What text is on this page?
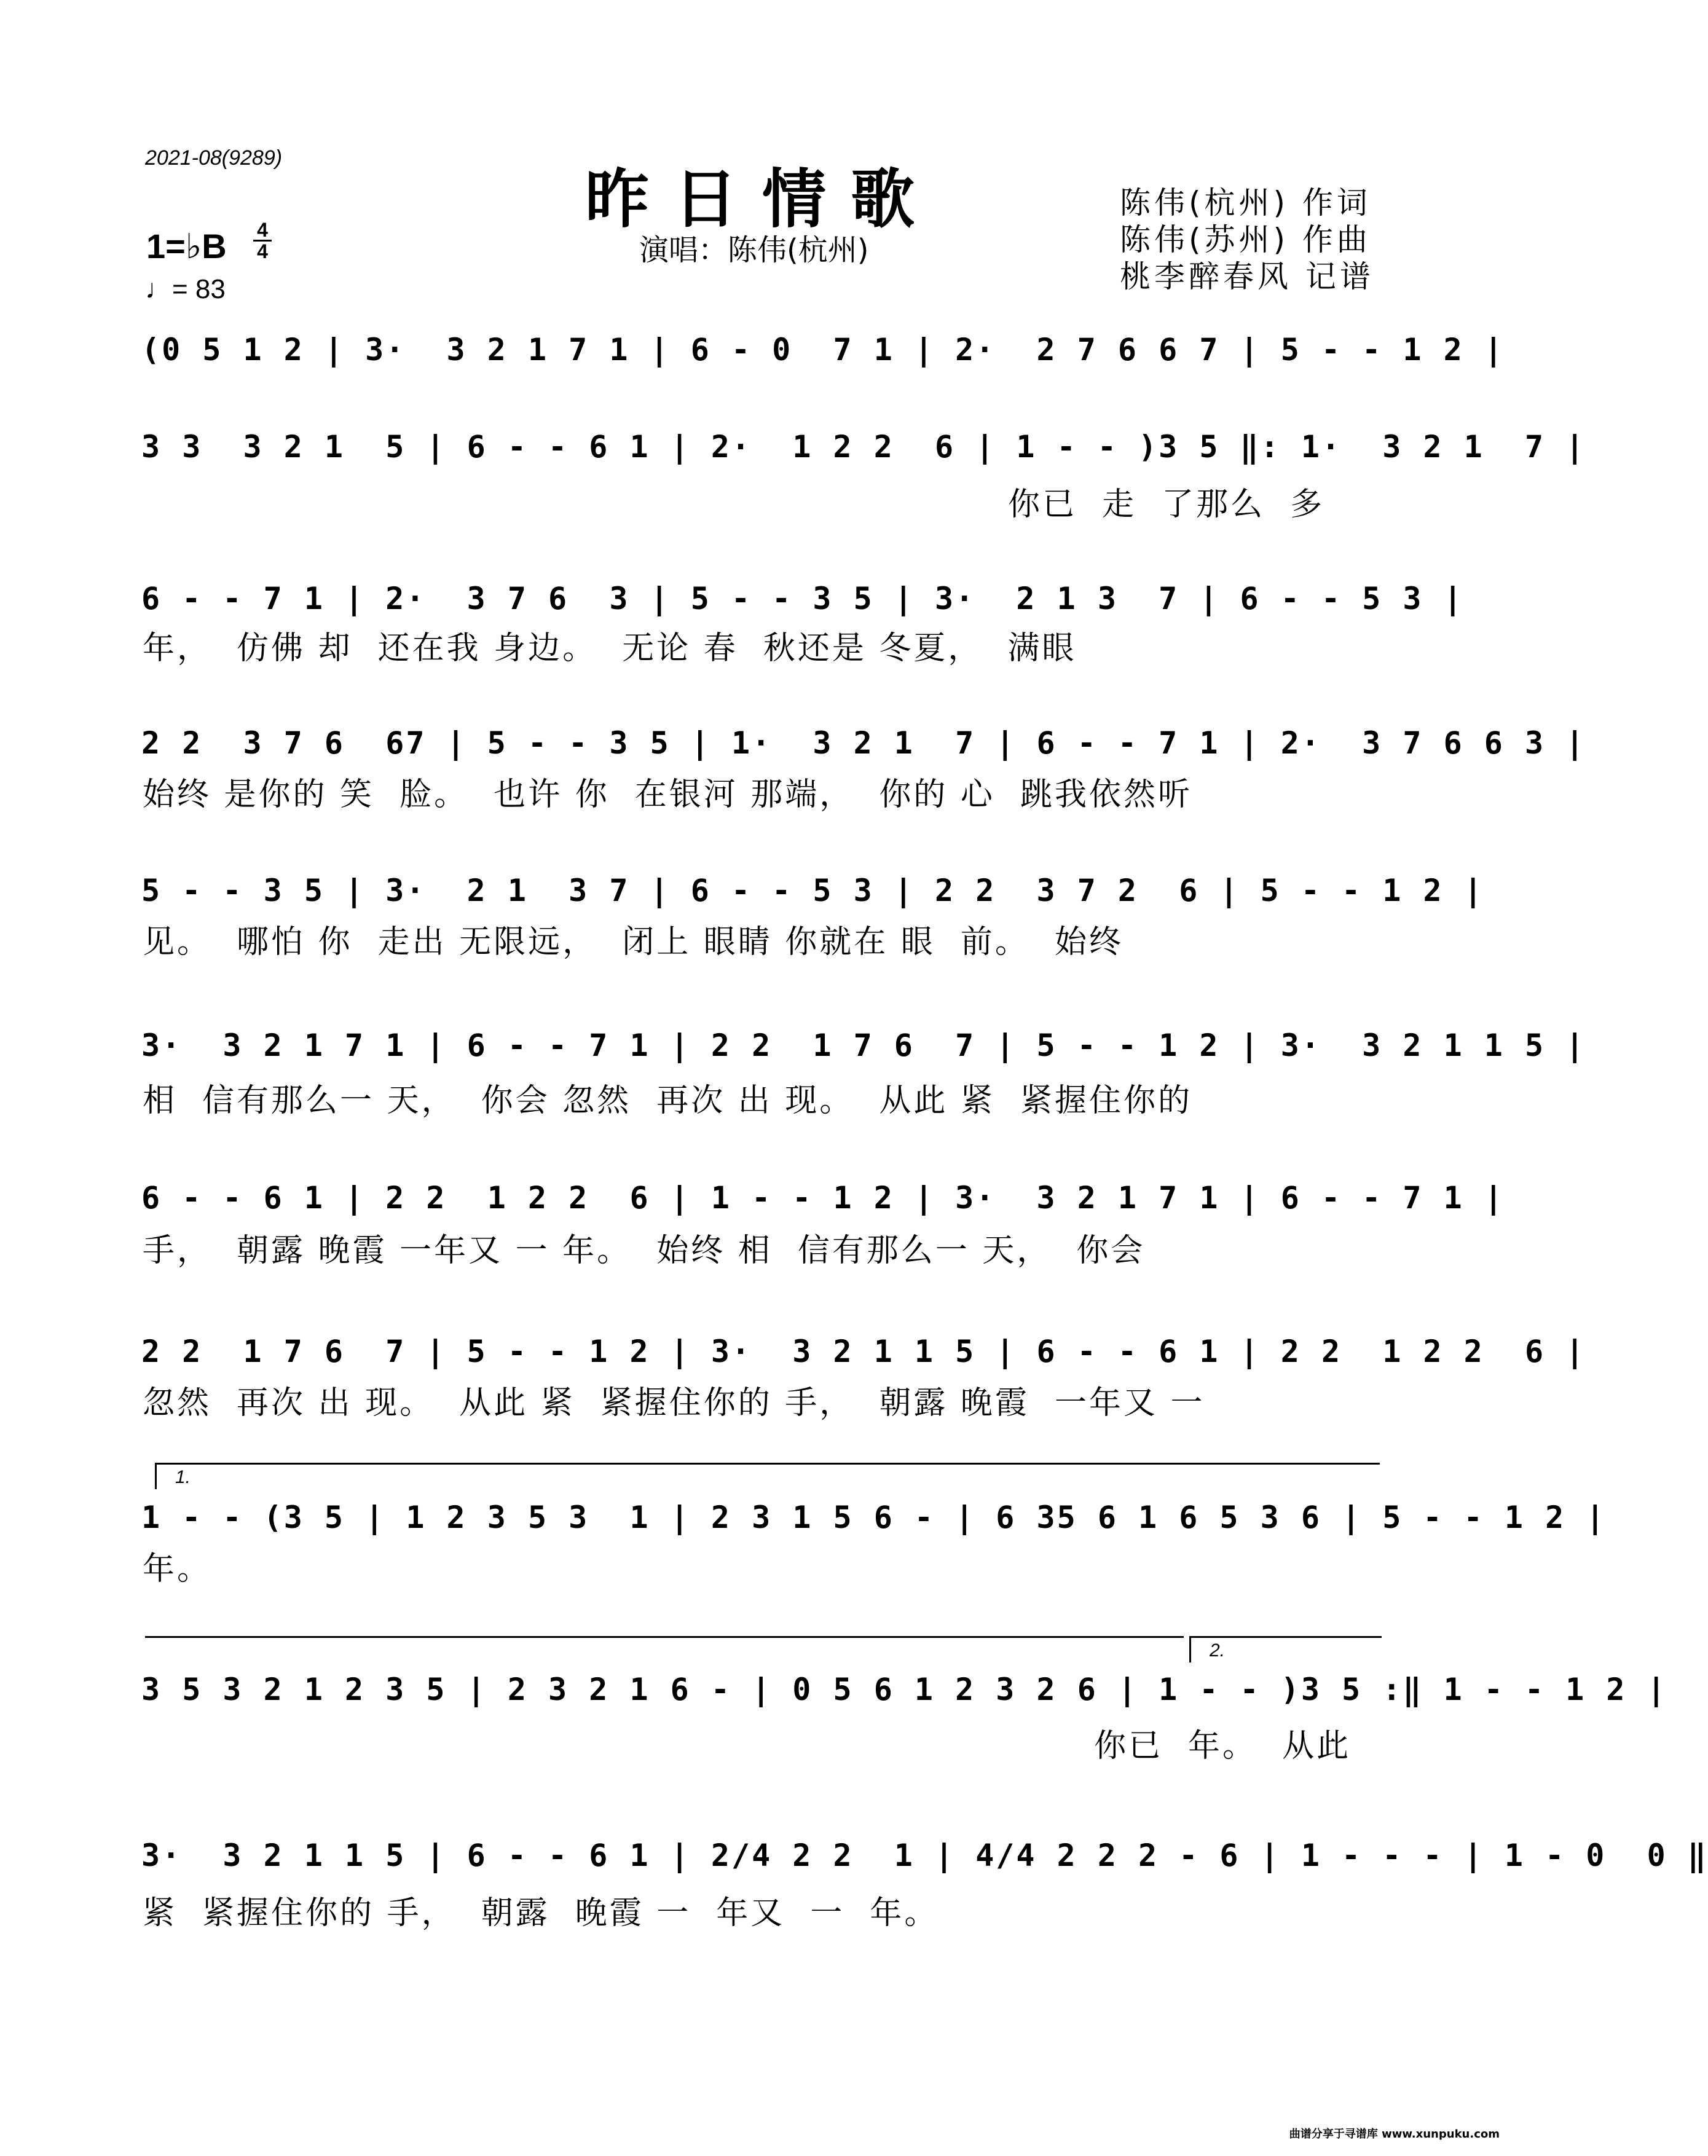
2021-08(9289)
昨日情歌
演唱：陈伟(杭州)
陈伟(杭州) 作词
陈伟(苏州) 作曲
桃李醉春风 记谱
1=♭B 4
4
♩= 83
(0 5 1 2 | 3·  3 2 1 7 1 | 6 - 0  7 1 | 2·  2 7 6 6 7 | 5 - - 1 2 |
3 3  3 2 1  5 | 6 - - 6 1 | 2·  1 2 2  6 | 1 - - )3 5 ‖: 1·  3 2 1  7 |
你已  走  了那么  多
6 - - 7 1 | 2·  3 7 6  3 | 5 - - 3 5 | 3·  2 1 3  7 | 6 - - 5 3 |
年，  仿佛 却  还在我 身边。  无论 春  秋还是 冬夏，  满眼
2 2  3 7 6  67 | 5 - - 3 5 | 1·  3 2 1  7 | 6 - - 7 1 | 2·  3 7 6 6 3 |
始终 是你的 笑  脸。  也许 你  在银河 那端，  你的 心  跳我依然听
5 - - 3 5 | 3·  2 1  3 7 | 6 - - 5 3 | 2 2  3 7 2  6 | 5 - - 1 2 |
见。  哪怕 你  走出 无限远，  闭上 眼睛 你就在 眼  前。  始终
3·  3 2 1 7 1 | 6 - - 7 1 | 2 2  1 7 6  7 | 5 - - 1 2 | 3·  3 2 1 1 5 |
相  信有那么一 天，  你会 忽然  再次 出 现。  从此 紧  紧握住你的
6 - - 6 1 | 2 2  1 2 2  6 | 1 - - 1 2 | 3·  3 2 1 7 1 | 6 - - 7 1 |
手，  朝露 晚霞 一年又 一 年。  始终 相  信有那么一 天，  你会
2 2  1 7 6  7 | 5 - - 1 2 | 3·  3 2 1 1 5 | 6 - - 6 1 | 2 2  1 2 2  6 |
忽然  再次 出 现。  从此 紧  紧握住你的 手，  朝露 晚霞  一年又 一
1.
1 - - (3 5 | 1 2 3 5 3  1 | 2 3 1 5 6 - | 6 35 6 1 6 5 3 6 | 5 - - 1 2 |
年。
2.
3 5 3 2 1 2 3 5 | 2 3 2 1 6 - | 0 5 6 1 2 3 2 6 | 1 - - )3 5 :‖ 1 - - 1 2 |
你已  年。  从此
3·  3 2 1 1 5 | 6 - - 6 1 | 2/4 2 2  1 | 4/4 2 2 2 - 6 | 1 - - - | 1 - 0  0 ‖
紧  紧握住你的 手，  朝露  晚霞 一  年又  一  年。
曲谱分享于寻谱库 www.xunpuku.com
